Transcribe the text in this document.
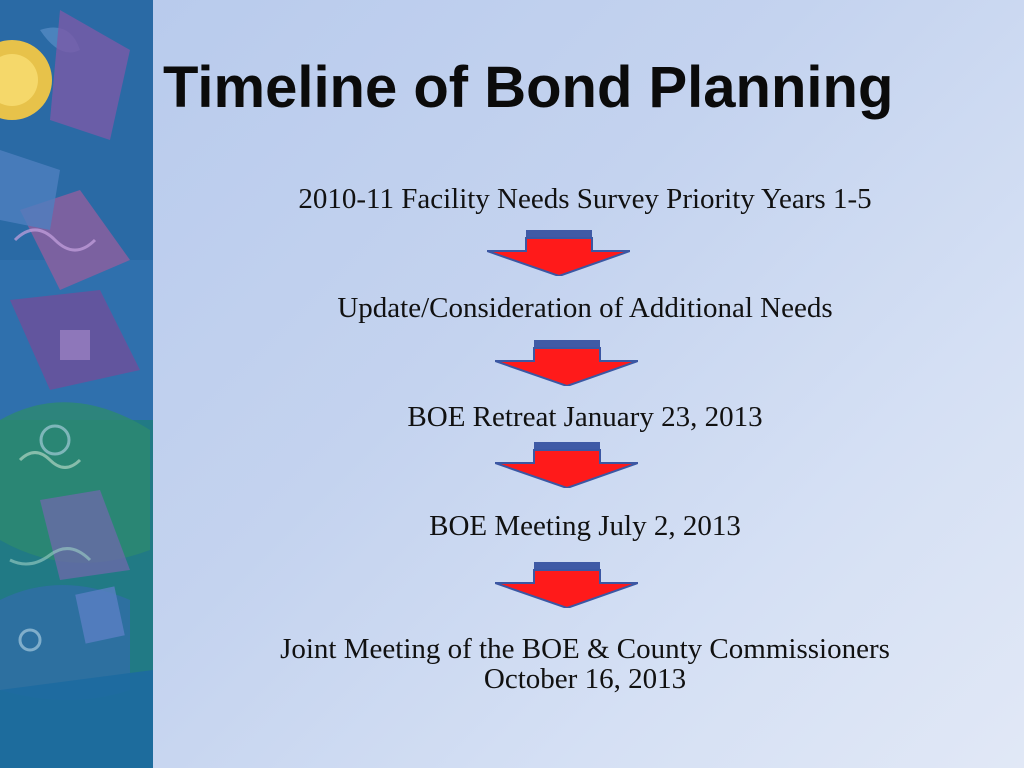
Timeline of Bond Planning
2010-11 Facility Needs Survey Priority Years 1-5
Update/Consideration of Additional Needs
BOE Retreat January 23, 2013
BOE Meeting July 2, 2013
Joint Meeting of the BOE & County Commissioners
October 16, 2013
